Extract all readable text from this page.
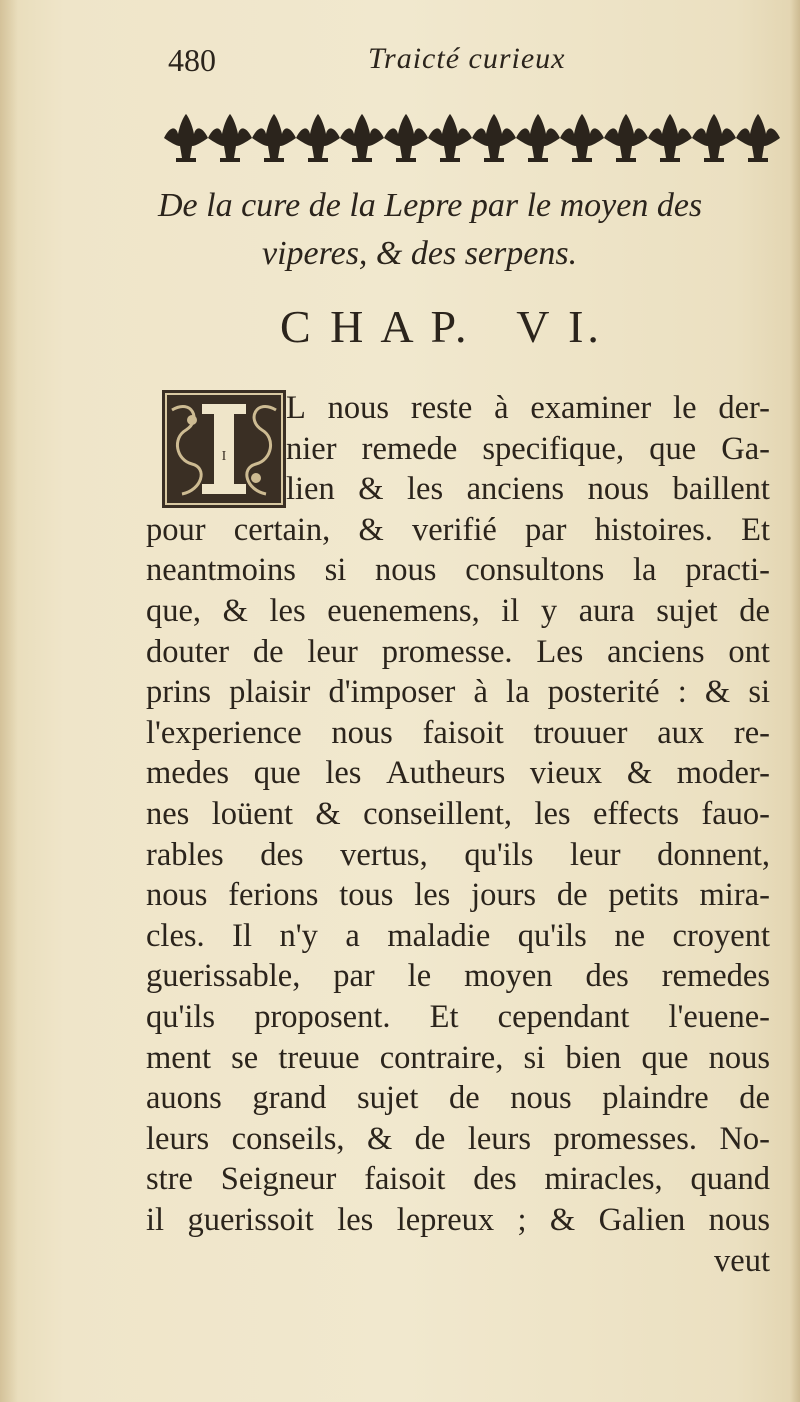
480	Traicté curieux
De la cure de la Lepre par le moyen des
viperes, & des serpens.
C H A P.   V I.
I
L nous reste à examiner le der-
nier remede specifique, que Ga-
lien & les anciens nous baillent
pour certain, & verifié par histoires. Et
neantmoins si nous consultons la practi-
que, & les euenemens, il y aura sujet de
douter de leur promesse. Les anciens ont
prins plaisir d'imposer à la posterité : & si
l'experience nous faisoit trouuer aux re-
medes que les Autheurs vieux & moder-
nes loüent & conseillent, les effects fauo-
rables des vertus, qu'ils leur donnent,
nous ferions tous les jours de petits mira-
cles. Il n'y a maladie qu'ils ne croyent
guerissable, par le moyen des remedes
qu'ils proposent. Et cependant l'euene-
ment se treuue contraire, si bien que nous
auons grand sujet de nous plaindre de
leurs conseils, & de leurs promesses. No-
stre Seigneur faisoit des miracles, quand
il guerissoit les lepreux ; & Galien nous
veut
